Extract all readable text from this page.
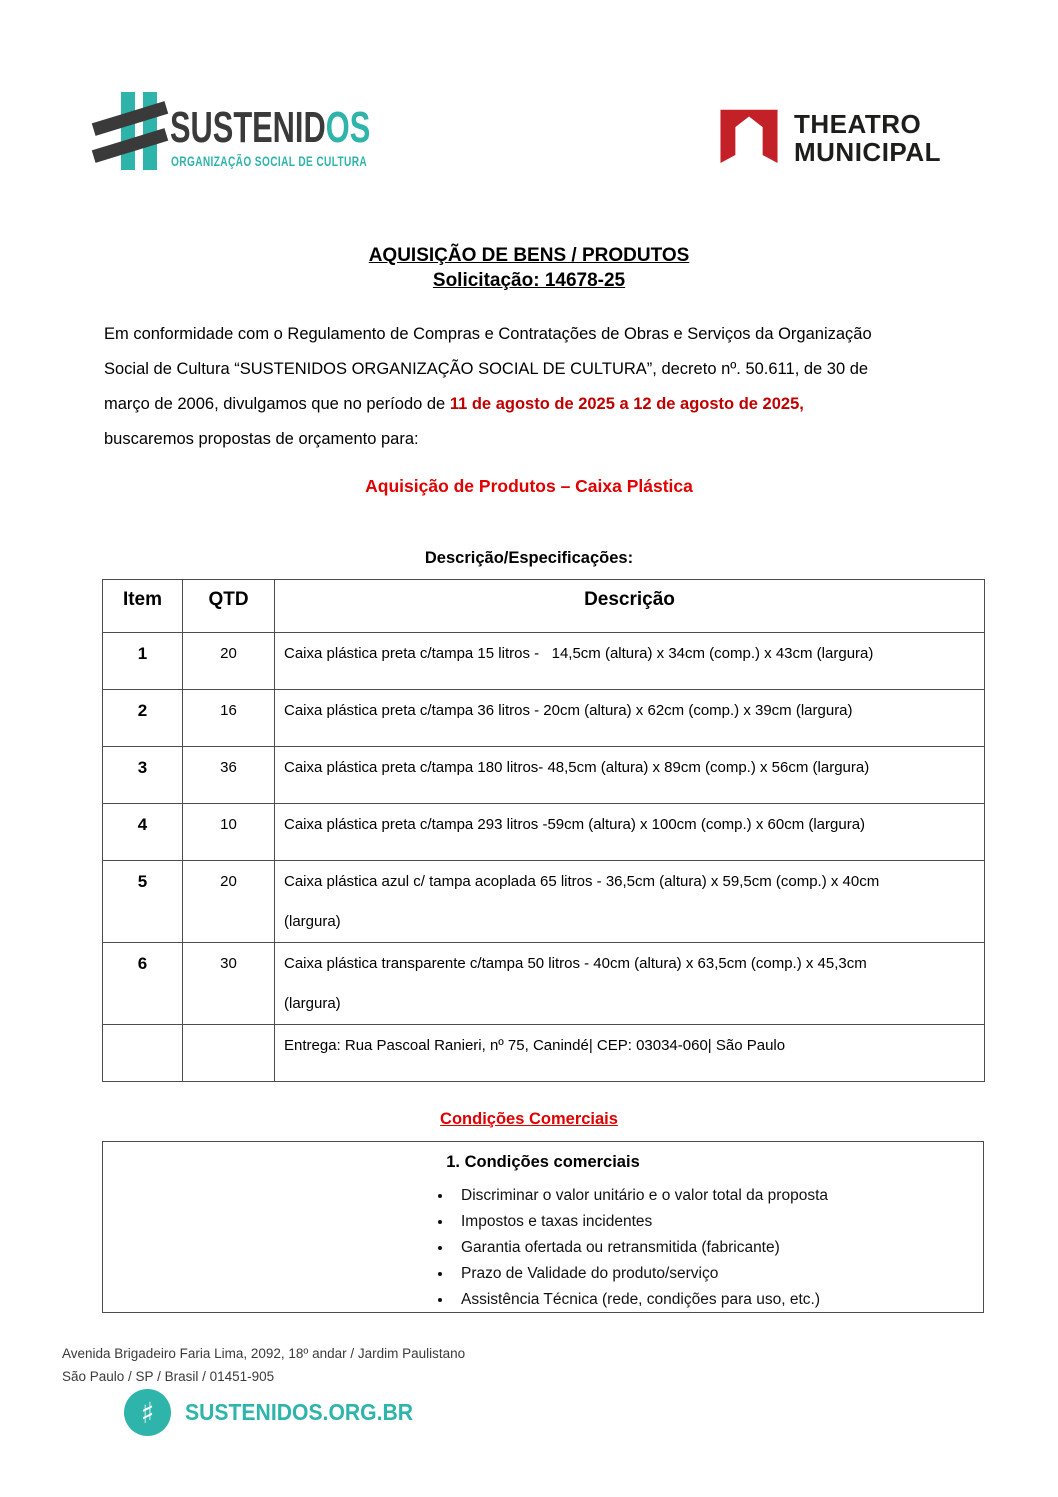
SUSTENIDOS
ORGANIZAÇÃO SOCIAL DE CULTURA
THEATRO
MUNICIPAL
AQUISIÇÃO DE BENS / PRODUTOS
Solicitação: 14678-25
Em conformidade com o Regulamento de Compras e Contratações de Obras e Serviços da Organização
Social de Cultura “SUSTENIDOS ORGANIZAÇÃO SOCIAL DE CULTURA”, decreto nº. 50.611, de 30 de
março de 2006, divulgamos que no período de 11 de agosto de 2025 a 12 de agosto de 2025,
buscaremos propostas de orçamento para:
Aquisição de Produtos – Caixa Plástica
Descrição/Especificações:
Item	QTD	Descrição
1	20	Caixa plástica preta c/tampa 15 litros -   14,5cm (altura) x 34cm (comp.) x 43cm (largura)

2	16	Caixa plástica preta c/tampa 36 litros - 20cm (altura) x 62cm (comp.) x 39cm (largura)

3	36	Caixa plástica preta c/tampa 180 litros- 48,5cm (altura) x 89cm (comp.) x 56cm (largura)

4	10	Caixa plástica preta c/tampa 293 litros -59cm (altura) x 100cm (comp.) x 60cm (largura)

5	20	Caixa plástica azul c/ tampa acoplada 65 litros - 36,5cm (altura) x 59,5cm (comp.) x 40cm
(largura)

6	30	Caixa plástica transparente c/tampa 50 litros - 40cm (altura) x 63,5cm (comp.) x 45,3cm
(largura)

		Entrega: Rua Pascoal Ranieri, nº 75, Canindé| CEP: 03034-060| São Paulo
Condições Comerciais
1. Condições comerciais
• Discriminar o valor unitário e o valor total da proposta
• Impostos e taxas incidentes
• Garantia ofertada ou retransmitida (fabricante)
• Prazo de Validade do produto/serviço
• Assistência Técnica (rede, condições para uso, etc.)
Avenida Brigadeiro Faria Lima, 2092, 18º andar / Jardim Paulistano
São Paulo / SP / Brasil / 01451-905
♯	SUSTENIDOS.ORG.BR
